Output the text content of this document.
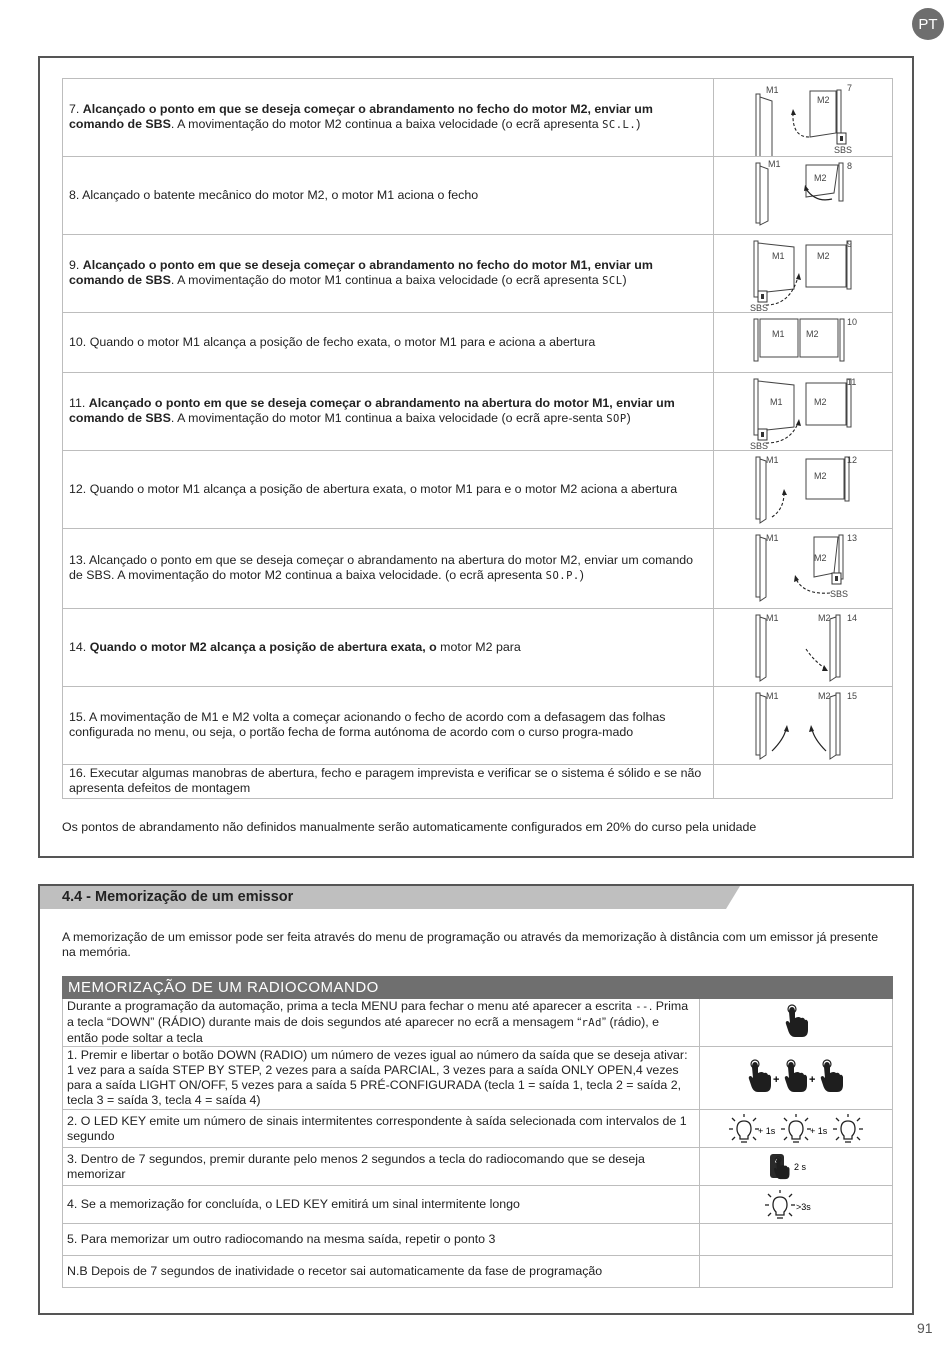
PT
7. Alcançado o ponto em que se deseja começar o abrandamento no fecho do motor M2, enviar um comando de SBS. A movimentação do motor M2 continua a baixa velocidade (o ecrã apresenta SC.L.)	M1
M2
SBS
7

8. Alcançado o batente mecânico do motor M2, o motor M1 aciona o fecho	M1
M2
8

9. Alcançado o ponto em que se deseja começar o abrandamento no fecho do motor M1, enviar um comando de SBS. A movimentação do motor M1 continua a baixa velocidade (o ecrã apresenta SCL)	M1 M2
SBS
9

10. Quando o motor M1 alcança a posição de fecho exata, o motor M1 para e aciona a abertura	M1 M2
10

11. Alcançado o ponto em que se deseja começar o abrandamento na abertura do motor M1, enviar um comando de SBS. A movimentação do motor M1 continua a baixa velocidade (o ecrã apre-senta SOP)	M1 M2
SBS
11

12. Quando o motor M1 alcança a posição de abertura exata, o motor M1 para e o motor M2 aciona a abertura	M1
M2
12

13. Alcançado o ponto em que se deseja começar o abrandamento na abertura do motor M2, enviar um comando de SBS. A movimentação do motor M2 continua a baixa velocidade. (o ecrã apresenta SO.P.)	M1
M2
SBS
13

14. Quando o motor M2 alcança a posição de abertura exata, o motor M2 para	M1 M2 14

15. A movimentação de M1 e M2 volta a começar acionando o fecho de acordo com a defasagem das folhas configurada no menu, ou seja, o portão fecha de forma autónoma de acordo com o curso progra-mado	M1 M2 15

16. Executar algumas manobras de abertura, fecho e paragem imprevista e verificar se o sistema é sólido e se não apresenta defeitos de montagem	
Os pontos de abrandamento não definidos manualmente serão automaticamente configurados em 20% do curso pela unidade
4.4 - Memorização de um emissor
A memorização de um emissor pode ser feita através do menu de programação ou através da memorização à distância com um emissor já presente na memória.
MEMORIZAÇÃO DE UM RADIOCOMANDO	
Durante a programação da automação, prima a tecla MENU para fechar o menu até aparecer a escrita --. Prima a tecla “DOWN” (RÁDIO) durante mais de dois segundos até aparecer no ecrã a mensagem “rAd” (rádio), e então pode soltar a tecla	

1. Premir e libertar o botão DOWN (RADIO) um número de vezes igual ao número da saída que se deseja ativar: 1 vez para a saída STEP BY STEP, 2 vezes para a saída PARCIAL, 3 vezes para a saída ONLY OPEN,4 vezes para a saída LIGHT ON/OFF, 5 vezes para a saída 5 PRÉ-CONFIGURADA (tecla 1 = saída 1, tecla 2 = saída 2, tecla 3 = saída 3, tecla 4 = saída 4)	+ +

2. O LED KEY emite um número de sinais intermitentes correspondente à saída selecionada com intervalos de 1 segundo	+ 1s + 1s

3. Dentro de 7 segundos, premir durante pelo menos 2 segundos a tecla do radiocomando que se deseja memorizar	2 s

4. Se a memorização for concluída, o LED KEY emitirá um sinal intermitente longo	>3s

5. Para memorizar um outro radiocomando na mesma saída, repetir o ponto 3	
N.B Depois de 7 segundos de inatividade o recetor sai automaticamente da fase de programação	
91
